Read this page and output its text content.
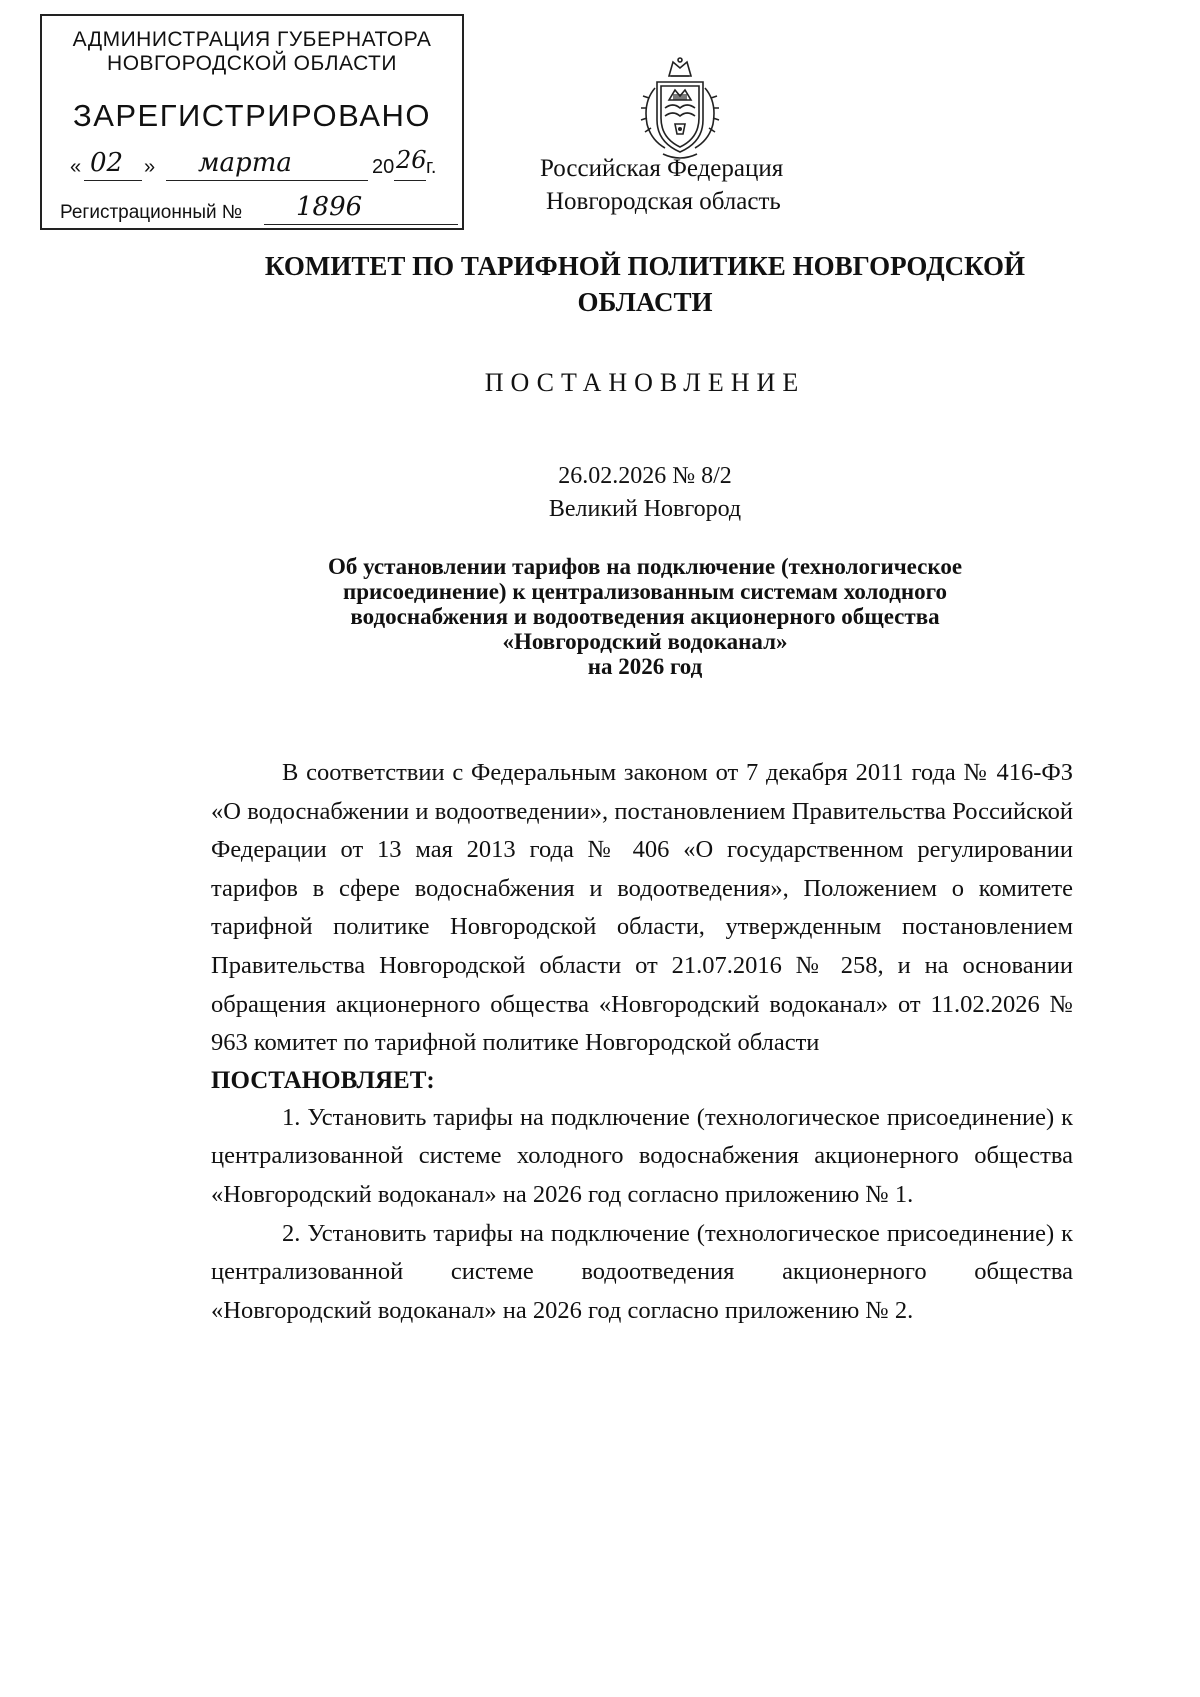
АДМИНИСТРАЦИЯ ГУБЕРНАТОРА
НОВГОРОДСКОЙ ОБЛАСТИ
ЗАРЕГИСТРИРОВАНО
« 02 » марта	20 26 г.
Регистрационный № 1896
Российская Федерация
Новгородская область
КОМИТЕТ ПО ТАРИФНОЙ ПОЛИТИКЕ НОВГОРОДСКОЙ ОБЛАСТИ
ПОСТАНОВЛЕНИЕ
26.02.2026 № 8/2
Великий Новгород
Об установлении тарифов на подключение (технологическое
присоединение) к централизованным системам холодного
водоснабжения и водоотведения акционерного общества
«Новгородский водоканал»
на 2026 год

В соответствии с Федеральным законом от 7 декабря 2011 года № 416-ФЗ «О водоснабжении и водоотведении», постановлением Правительства Российской Федерации от 13 мая 2013 года № 406 «О государственном регулировании тарифов в сфере водоснабжения и водоотведения», Положением о комитете тарифной политике Новгородской области, утвержденным постановлением Правительства Новгородской области от 21.07.2016 № 258, и на основании обращения акционерного общества «Новгородский водоканал» от 11.02.2026 № 963 комитет по тарифной политике Новгородской области

ПОСТАНОВЛЯЕТ:

1. Установить тарифы на подключение (технологическое присоединение) к централизованной системе холодного водоснабжения акционерного общества «Новгородский водоканал» на 2026 год согласно приложению № 1.

2. Установить тарифы на подключение (технологическое присоединение) к централизованной системе водоотведения акционерного общества «Новгородский водоканал» на 2026 год согласно приложению № 2.
